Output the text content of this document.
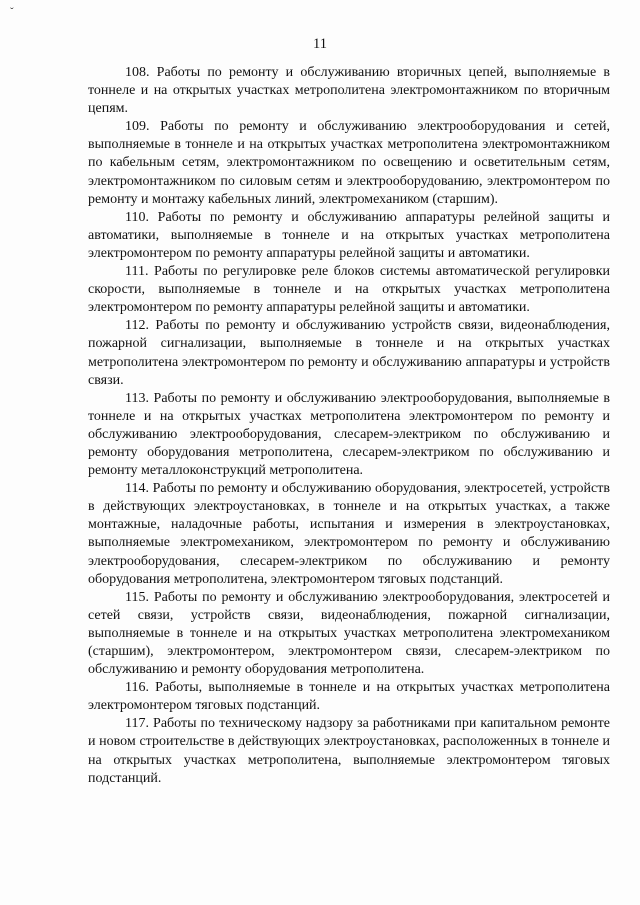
ˇ
11

108. Работы по ремонту и обслуживанию вторичных цепей, выполняемые в тоннеле и на открытых участках метрополитена электромонтажником по вторичным цепям.

109. Работы по ремонту и обслуживанию электрооборудования и сетей, выполняемые в тоннеле и на открытых участках метрополитена электромонтажником по кабельным сетям, электромонтажником по освещению и осветительным сетям, электромонтажником по силовым сетям и электрооборудованию, электромонтером по ремонту и монтажу кабельных линий, электромехаником (старшим).

110. Работы по ремонту и обслуживанию аппаратуры релейной защиты и автоматики, выполняемые в тоннеле и на открытых участках метрополитена электромонтером по ремонту аппаратуры релейной защиты и автоматики.

111. Работы по регулировке реле блоков системы автоматической регулировки скорости, выполняемые в тоннеле и на открытых участках метрополитена электромонтером по ремонту аппаратуры релейной защиты и автоматики.

112. Работы по ремонту и обслуживанию устройств связи, видеонаблюдения, пожарной сигнализации, выполняемые в тоннеле и на открытых участках метрополитена электромонтером по ремонту и обслуживанию аппаратуры и устройств связи.

113. Работы по ремонту и обслуживанию электрооборудования, выполняемые в тоннеле и на открытых участках метрополитена электромонтером по ремонту и обслуживанию электрооборудования, слесарем-электриком по обслуживанию и ремонту оборудования метрополитена, слесарем-электриком по обслуживанию и ремонту металлоконструкций метрополитена.

114. Работы по ремонту и обслуживанию оборудования, электросетей, устройств в действующих электроустановках, в тоннеле и на открытых участках, а также монтажные, наладочные работы, испытания и измерения в электроустановках, выполняемые электромехаником, электромонтером по ремонту и обслуживанию электрооборудования, слесарем-электриком по обслуживанию и ремонту оборудования метрополитена, электромонтером тяговых подстанций.

115. Работы по ремонту и обслуживанию электрооборудования, электросетей и сетей связи, устройств связи, видеонаблюдения, пожарной сигнализации, выполняемые в тоннеле и на открытых участках метрополитена электромехаником (старшим), электромонтером, электромонтером связи, слесарем-электриком по обслуживанию и ремонту оборудования метрополитена.

116. Работы, выполняемые в тоннеле и на открытых участках метрополитена электромонтером тяговых подстанций.

117. Работы по техническому надзору за работниками при капитальном ремонте и новом строительстве в действующих электроустановках, расположенных в тоннеле и на открытых участках метрополитена, выполняемые электромонтером тяговых подстанций.
